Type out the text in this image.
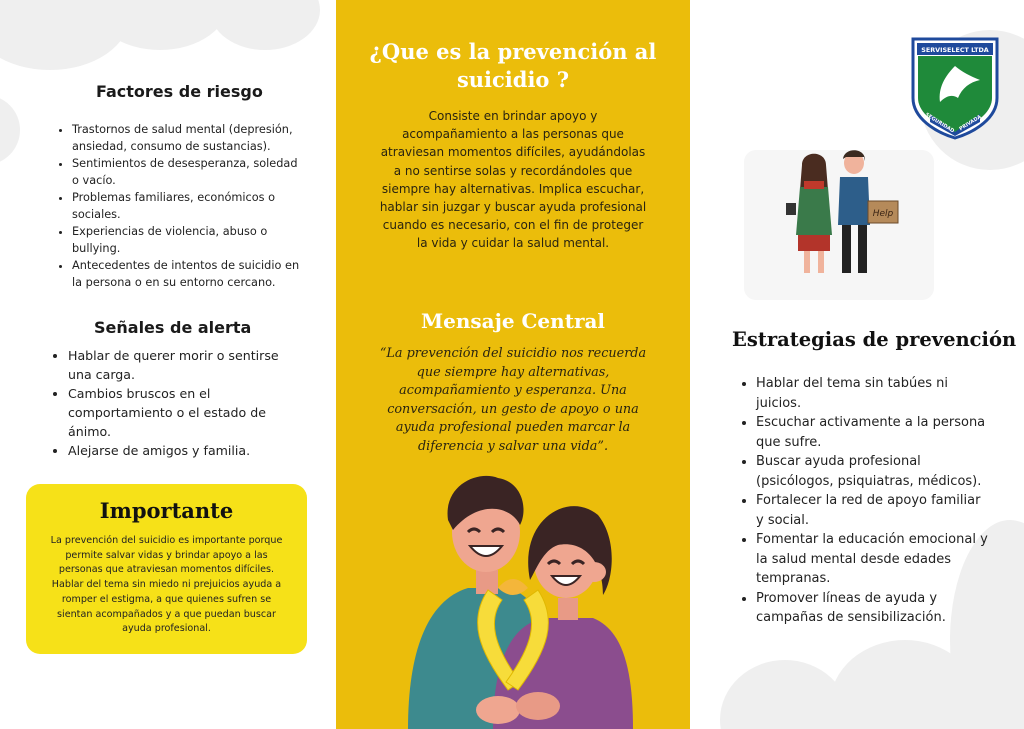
Factores de riesgo
• Trastornos de salud mental (depresión, ansiedad, consumo de sustancias).
• Sentimientos de desesperanza, soledad o vacío.
• Problemas familiares, económicos o sociales.
• Experiencias de violencia, abuso o bullying.
• Antecedentes de intentos de suicidio en la persona o en su entorno cercano.
Señales de alerta
• Hablar de querer morir o sentirse una carga.
• Cambios bruscos en el comportamiento o el estado de ánimo.
• Alejarse de amigos y familia.
Importante
La prevención del suicidio es importante porque permite salvar vidas y brindar apoyo a las personas que atraviesan momentos difíciles. Hablar del tema sin miedo ni prejuicios ayuda a romper el estigma, a que quienes sufren se sientan acompañados y a que puedan buscar ayuda profesional.
¿Que es la prevención al suicidio ?
Consiste en brindar apoyo y acompañamiento a las personas que atraviesan momentos difíciles, ayudándolas a no sentirse solas y recordándoles que siempre hay alternativas. Implica escuchar, hablar sin juzgar y buscar ayuda profesional cuando es necesario, con el fin de proteger la vida y cuidar la salud mental.
Mensaje Central
“La prevención del suicidio nos recuerda que siempre hay alternativas, acompañamiento y esperanza. Una conversación, un gesto de apoyo o una ayuda profesional pueden marcar la diferencia y salvar una vida”.
SERVISELECT LTDA
SEGURIDAD PRIVADA
Help
Estrategias de prevención
• Hablar del tema sin tabúes ni juicios.
• Escuchar activamente a la persona que sufre.
• Buscar ayuda profesional (psicólogos, psiquiatras, médicos).
• Fortalecer la red de apoyo familiar y social.
• Fomentar la educación emocional y la salud mental desde edades tempranas.
• Promover líneas de ayuda y campañas de sensibilización.
